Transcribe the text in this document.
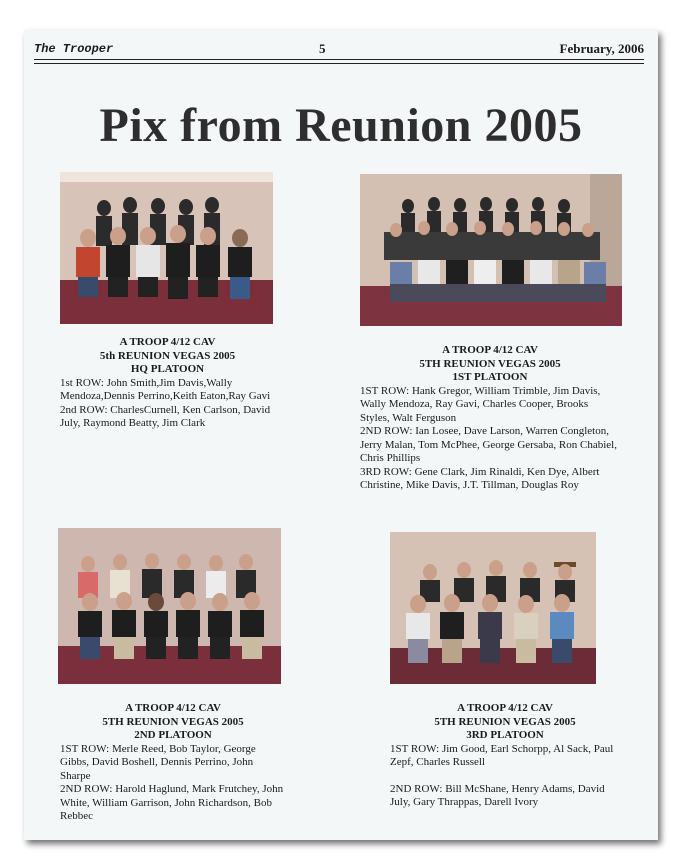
The Trooper	5	February, 2006
Pix from Reunion 2005

A TROOP 4/12 CAV

5th REUNION VEGAS 2005

HQ PLATOON

1st ROW: John Smith,Jim Davis,Wally Mendoza,Dennis Perrino,Keith Eaton,Ray Gavi

2nd ROW: CharlesCurnell, Ken Carlson, David July, Raymond Beatty, Jim Clark

A TROOP 4/12 CAV

5TH REUNION VEGAS 2005

1ST PLATOON

1ST ROW: Hank Gregor, William Trimble, Jim Davis, Wally Mendoza, Ray Gavi, Charles Cooper, Brooks Styles, Walt Ferguson

2ND ROW: Ian Losee, Dave Larson, Warren Congleton, Jerry Malan, Tom McPhee, George Gersaba, Ron Chabiel, Chris Phillips

3RD ROW: Gene Clark, Jim Rinaldi, Ken Dye, Albert Christine, Mike Davis, J.T. Tillman, Douglas Roy

A TROOP 4/12 CAV

5TH REUNION VEGAS 2005

2ND PLATOON

1ST ROW: Merle Reed, Bob Taylor, George Gibbs, David Boshell, Dennis Perrino, John Sharpe

2ND ROW: Harold Haglund, Mark Frutchey, John White, William Garrison, John Richardson, Bob Rebbec

A TROOP 4/12 CAV

5TH REUNION VEGAS 2005

3RD PLATOON

1ST ROW: Jim Good, Earl Schorpp, Al Sack, Paul Zepf, Charles Russell

2ND ROW: Bill McShane, Henry Adams, David July, Gary Thrappas, Darell Ivory
